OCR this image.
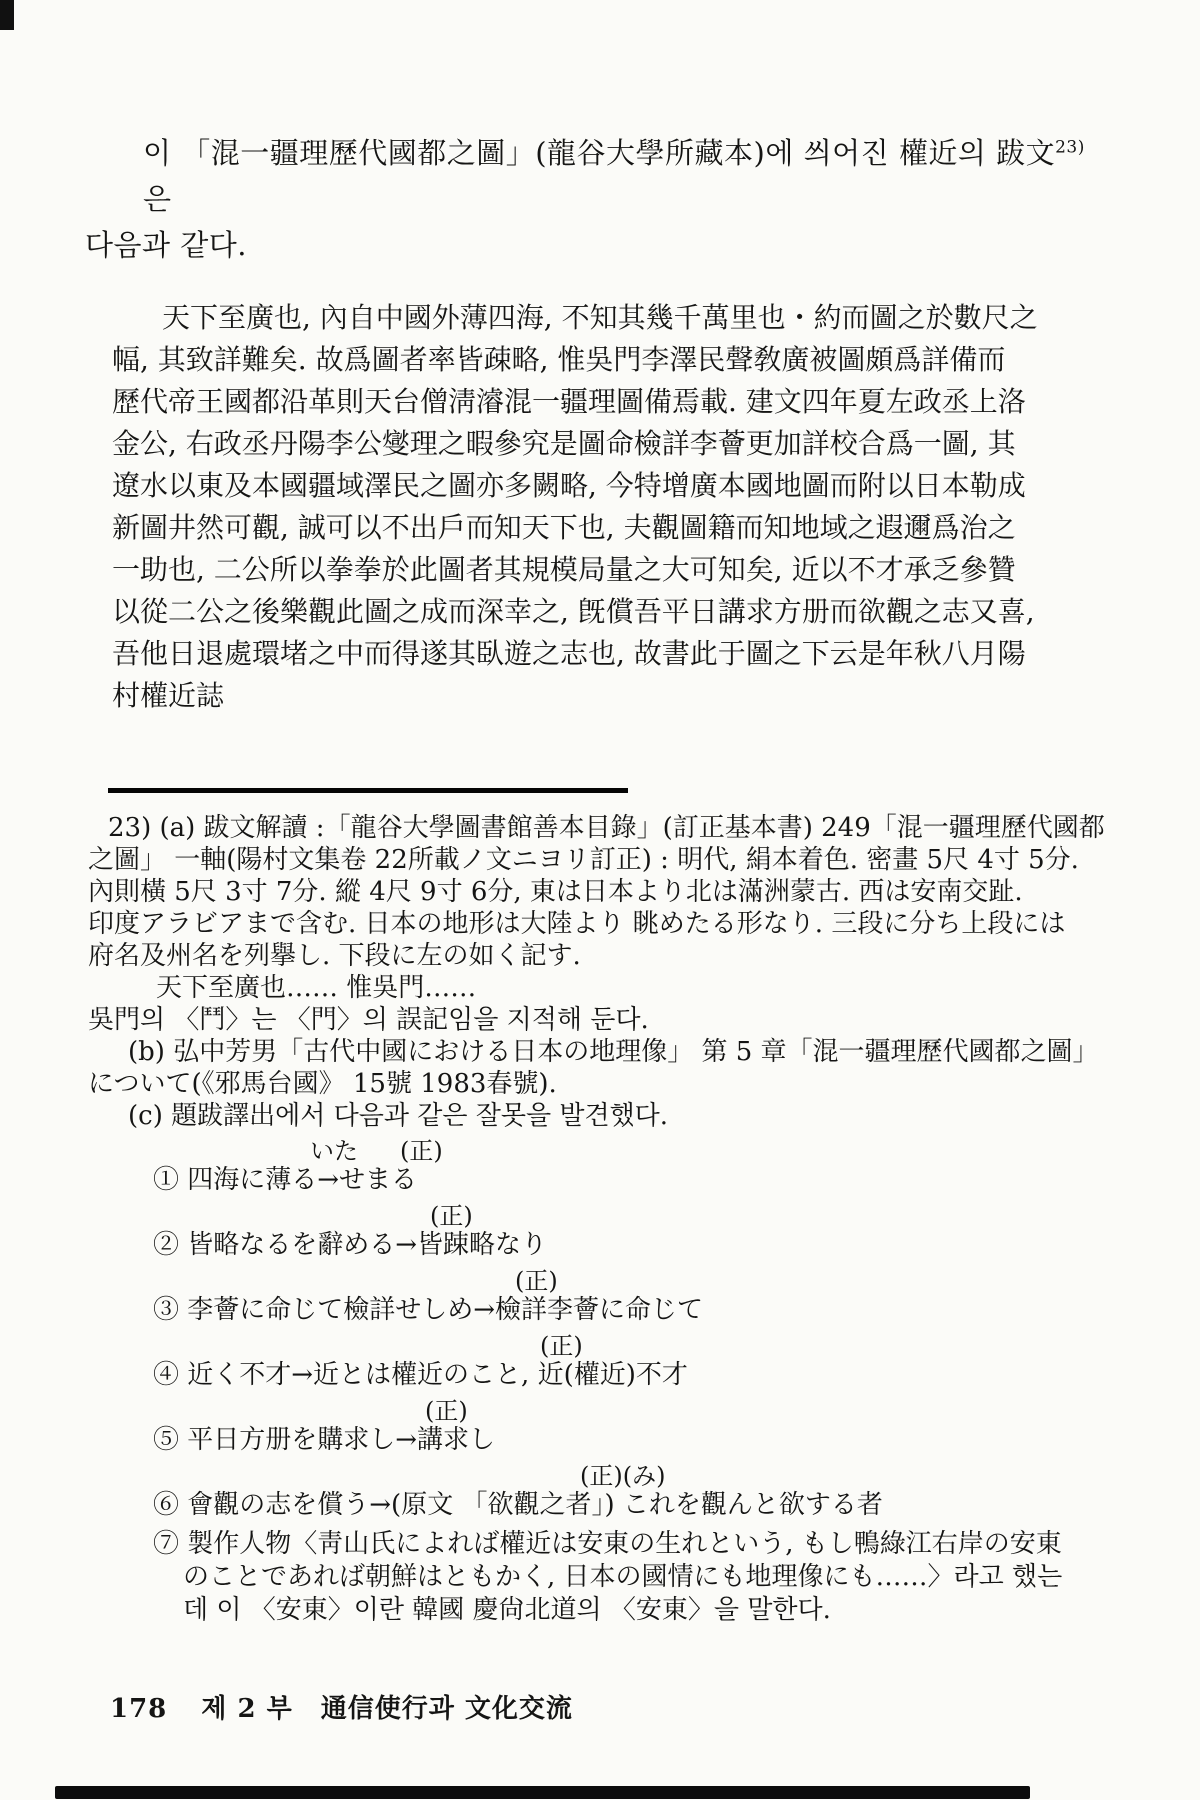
이 「混一疆理歷代國都之圖」(龍谷大學所藏本)에 씌어진 權近의 跋文$^{23)}$ 은
다음과 같다.
天下至廣也, 內自中國外薄四海, 不知其幾千萬里也・約而圖之於數尺之
幅, 其致詳難矣. 故爲圖者率皆疎略, 惟吳門李澤民聲敎廣被圖頗爲詳備而
歷代帝王國都沿革則天台僧淸濬混一疆理圖備焉載. 建文四年夏左政丞上洛
金公, 右政丞丹陽李公燮理之暇參究是圖命檢詳李薈更加詳校合爲一圖, 其
遼水以東及本國疆域澤民之圖亦多闕略, 今特增廣本國地圖而附以日本勒成
新圖井然可觀, 誠可以不出戶而知天下也, 夫觀圖籍而知地域之遐邇爲治之
一助也, 二公所以拳拳於此圖者其規模局量之大可知矣, 近以不才承乏參贊
以從二公之後樂觀此圖之成而深幸之, 旣償吾平日講求方册而欲觀之志又喜,
吾他日退處環堵之中而得遂其臥遊之志也, 故書此于圖之下云是年秋八月陽
村權近誌
23) (a) 跋文解讀 :「龍谷大學圖書館善本目錄」(訂正基本書) 249「混一疆理歷代國都
之圖」 一軸(陽村文集卷 22所載ノ文ニヨリ訂正) : 明代, 絹本着色. 密畫 5尺 4寸 5分.
內則橫 5尺 3寸 7分. 縱 4尺 9寸 6分, 東は日本より北は滿洲蒙古. 西は安南交趾.
印度アラビアまで含む. 日本の地形は大陸より 眺めたる形なり. 三段に分ち上段には
府名及州名を列擧し. 下段に左の如く記す.
天下至廣也…… 惟吳門……
吳門의 〈鬥〉는 〈門〉의 誤記임을 지적해 둔다.
(b) 弘中芳男「古代中國における日本の地理像」 第 5 章「混一疆理歷代國都之圖」
について(《邪馬台國》 15號 1983春號).
(c) 題跋譯出에서 다음과 같은 잘못을 발견했다.
いた (正)
① 四海に薄る→せまる
(正)
② 皆略なるを辭める→皆踈略なり
(正)
③ 李薈に命じて檢詳せしめ→檢詳李薈に命じて
(正)
④ 近く不才→近とは權近のこと, 近(權近)不才
(正)
⑤ 平日方册を購求し→講求し
(正)(み)
⑥ 會觀の志を償う→(原文 「欲觀之者」) これを觀んと欲する者
⑦ 製作人物〈靑山氏によれば權近は安東の生れという, もし鴨綠江右岸の安東
のことであれば朝鮮はともかく, 日本の國情にも地理像にも……〉라고 했는
데 이 〈安東〉이란 韓國 慶尙北道의 〈安東〉을 말한다.
178 제 2 부 通信使行과 文化交流
